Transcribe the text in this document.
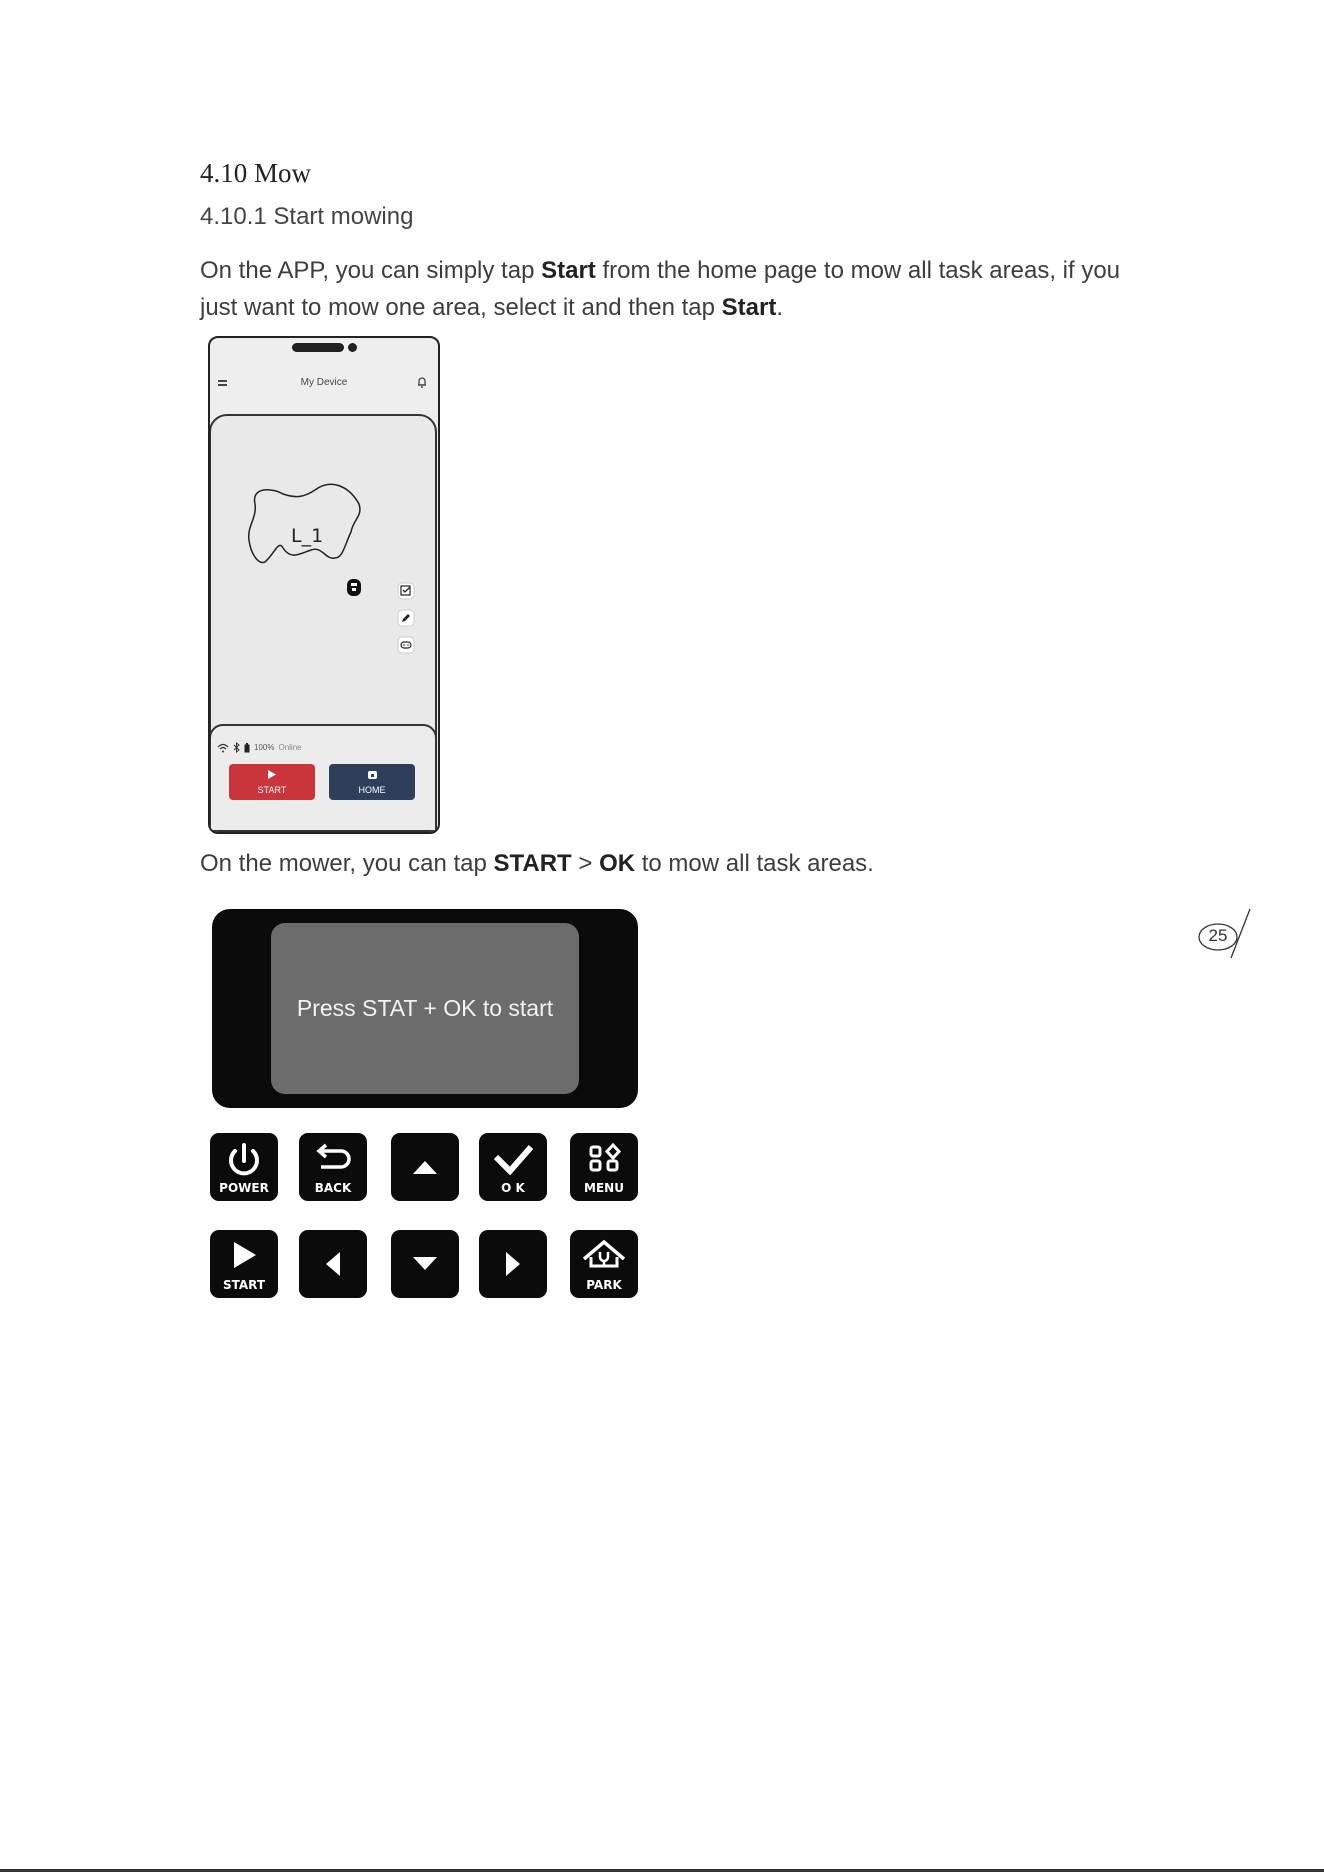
4.10 Mow
4.10.1 Start mowing
On the APP, you can simply tap Start from the home page to mow all task areas, if you just want to mow one area, select it and then tap Start.
My Device
L_1
100% Online
START	HOME
On the mower, you can tap START > OK to mow all task areas.
Press STAT + OK to start
POWER	BACK	O K	MENU
START	PARK
25
